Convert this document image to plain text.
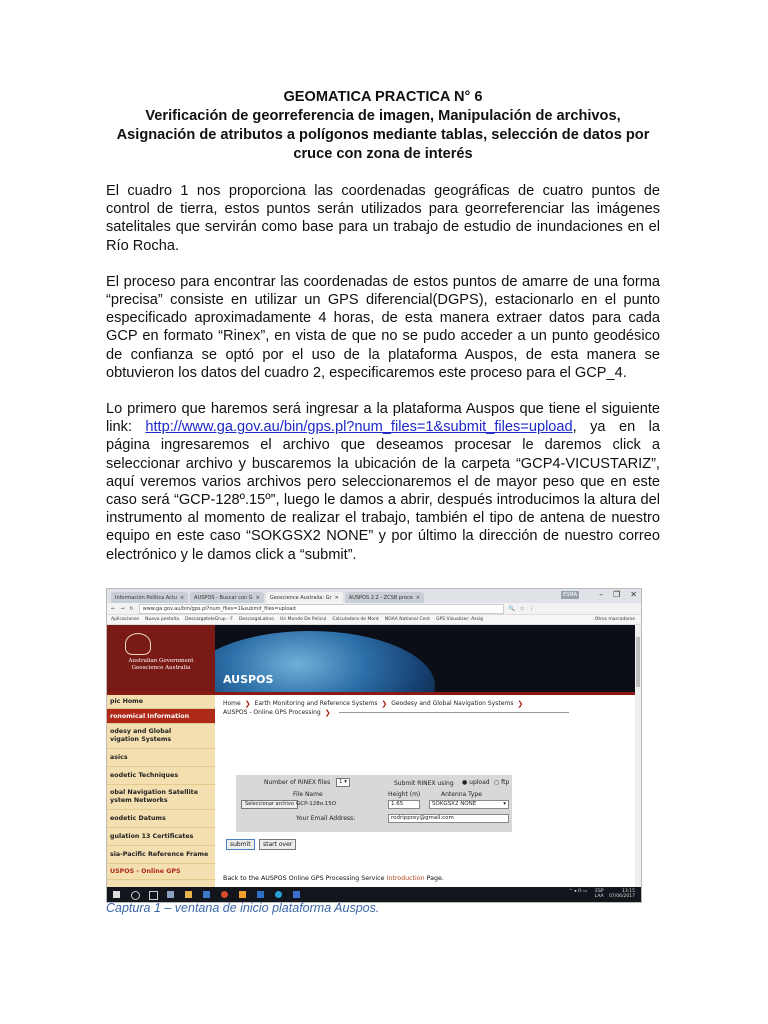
GEOMATICA PRACTICA N° 6
Verificación de georreferencia de imagen, Manipulación de archivos,
Asignación de atributos a polígonos mediante tablas, selección de datos por
cruce con zona de interés

El cuadro 1 nos proporciona las coordenadas geográficas de cuatro puntos de control de tierra, estos puntos serán utilizados para georreferenciar las imágenes satelitales que servirán como base para un trabajo de estudio de inundaciones en el Río Rocha.

El proceso para encontrar las coordenadas de estos puntos de amarre de una forma “precisa” consiste en utilizar un GPS diferencial(DGPS), estacionarlo en el punto especificado aproximadamente 4 horas, de esta manera extraer datos para cada GCP en formato “Rinex”, en vista de que no se pudo acceder a un punto geodésico de confianza se optó por el uso de la plataforma Auspos, de esta manera se obtuvieron los datos del cuadro 2, especificaremos este proceso para el GCP_4.

Lo primero que haremos será ingresar a la plataforma Auspos que tiene el siguiente link: http://www.ga.gov.au/bin/gps.pl?num_files=1&submit_files=upload, ya en la página ingresaremos el archivo que deseamos procesar le daremos click a seleccionar archivo y buscaremos la ubicación de la carpeta “GCP4-VICUSTARIZ”, aquí veremos varios archivos pero seleccionaremos el de mayor peso que en este caso será “GCP-128º.15º”, luego le damos a abrir, después introducimos la altura del instrumento al momento de realizar el trabajo, también el tipo de antena de nuestro equipo en este caso “SOKGSX2 NONE” y por último la dirección de nuestro correo electrónico y le damos click a “submit”.

Información Política Actu × AUSPOS - Buscar con G × Geoscience Australia: Gr × AUSPOS 2.2 - ZCSB proce ×	ESMA	– ❐ ✕
← → ↻	www.ga.gov.au/bin/gps.pl?num_files=1&submit_files=upload	🔍 ☆ ⋮
Aplicaciones Nueva pestaña DescargateleGrup - F DescargaLatino Un Mundo De Pelicul Calculadora de Mont NOAA National Cent GPS Vizualizer: Assig	Otros marcadores
Australian Government
Geoscience Australia
AUSPOS
pic Home
ronomical Information
odesy and Global
vigation Systems
asics
eodetic Techniques
obal Navigation Satellite
ystem Networks
eodetic Datums
gulation 13 Certificates
sia-Pacific Reference Frame
USPOS - Online GPS
Home ❯ Earth Monitoring and Reference Systems ❯ Geodesy and Global Navigation Systems ❯
AUSPOS - Online GPS Processing ❯
Number of RINEX files	1 ▾	Submit RINEX using ● upload ○ ftp
File Name	Height (m)	Antenna Type
Seleccionar archivo GCP-128o.15O	1.65	SOKGSX2 NONE	▾
Your Email Address:	rodripprey@gmail.com
submit	start over
Back to the AUSPOS Online GPS Processing Service Introduction Page.
^ ◂ ☊ ▭ ESP
LAA 13:15
07/06/2017
Captura 1 – ventana de inicio plataforma Auspos.
